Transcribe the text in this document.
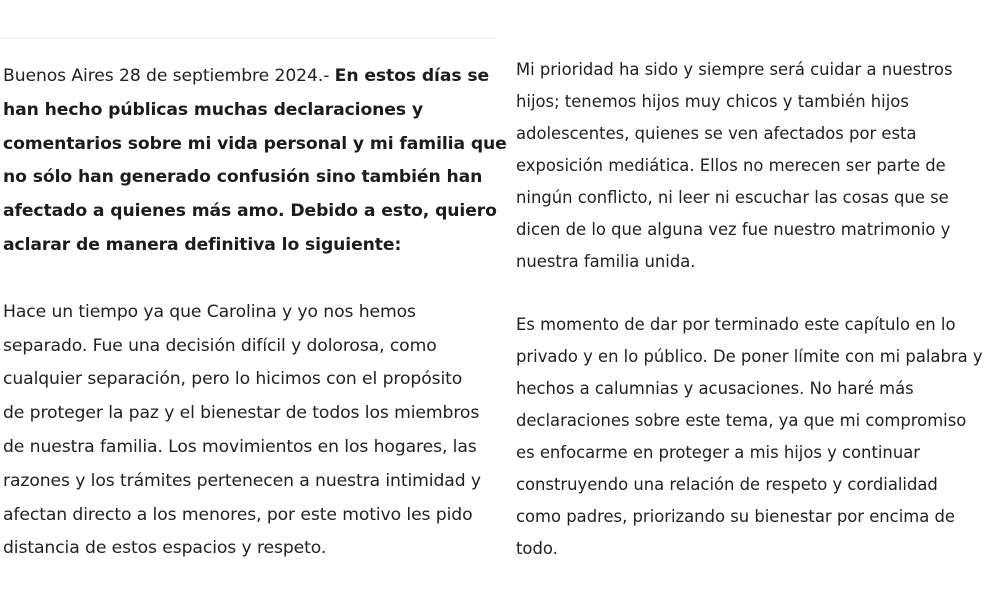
Buenos Aires 28 de septiembre 2024.- En estos días se
han hecho públicas muchas declaraciones y
comentarios sobre mi vida personal y mi familia que
no sólo han generado confusión sino también han
afectado a quienes más amo. Debido a esto, quiero
aclarar de manera definitiva lo siguiente:

Hace un tiempo ya que Carolina y yo nos hemos
separado. Fue una decisión difícil y dolorosa, como
cualquier separación, pero lo hicimos con el propósito
de proteger la paz y el bienestar de todos los miembros
de nuestra familia. Los movimientos en los hogares, las
razones y los trámites pertenecen a nuestra intimidad y
afectan directo a los menores, por este motivo les pido
distancia de estos espacios y respeto.

Mi prioridad ha sido y siempre será cuidar a nuestros
hijos; tenemos hijos muy chicos y también hijos
adolescentes, quienes se ven afectados por esta
exposición mediática. Ellos no merecen ser parte de
ningún conflicto, ni leer ni escuchar las cosas que se
dicen de lo que alguna vez fue nuestro matrimonio y
nuestra familia unida.

Es momento de dar por terminado este capítulo en lo
privado y en lo público. De poner límite con mi palabra y
hechos a calumnias y acusaciones. No haré más
declaraciones sobre este tema, ya que mi compromiso
es enfocarme en proteger a mis hijos y continuar
construyendo una relación de respeto y cordialidad
como padres, priorizando su bienestar por encima de
todo.
